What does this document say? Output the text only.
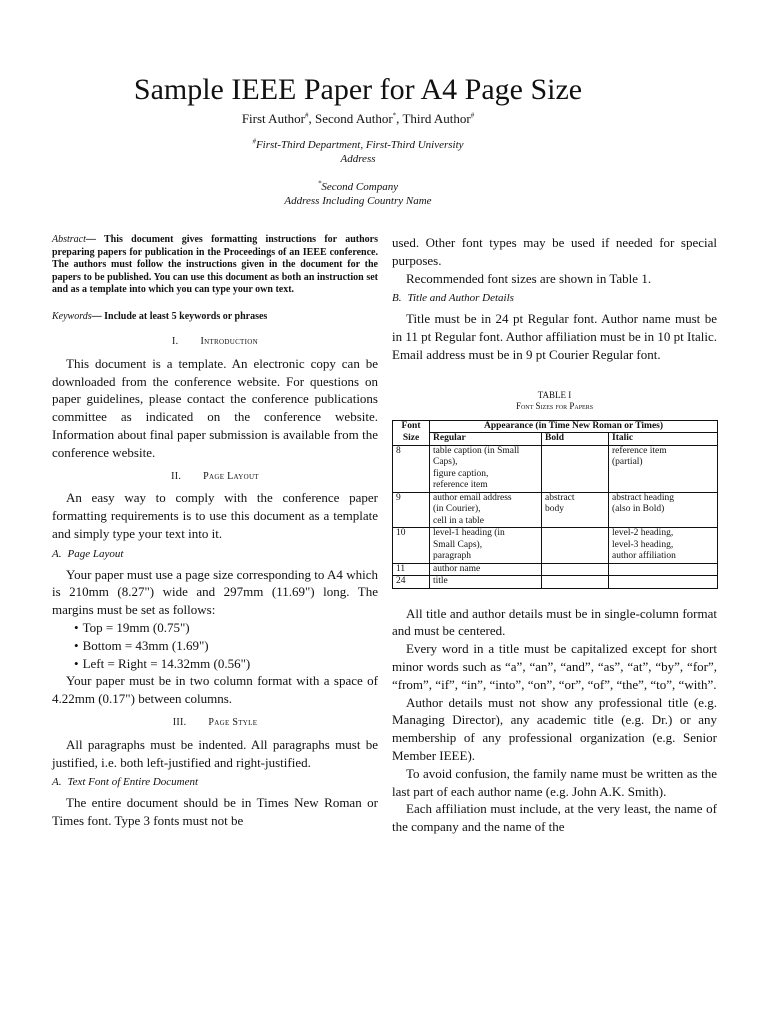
Sample IEEE Paper for A4 Page Size
First Author#, Second Author*, Third Author#
#First-Third Department, First-Third University
Address
*Second Company
Address Including Country Name

Abstract— This document gives formatting instructions for authors preparing papers for publication in the Proceedings of an IEEE conference. The authors must follow the instructions given in the document for the papers to be published. You can use this document as both an instruction set and as a template into which you can type your own text.

Keywords— Include at least 5 keywords or phrases

I. Introduction

This document is a template. An electronic copy can be downloaded from the conference website. For questions on paper guidelines, please contact the conference publications committee as indicated on the conference website. Information about final paper submission is available from the conference website.

II. Page Layout

An easy way to comply with the conference paper formatting requirements is to use this document as a template and simply type your text into it.

A. Page Layout

Your paper must use a page size corresponding to A4 which is 210mm (8.27") wide and 297mm (11.69") long. The margins must be set as follows:

• Top = 19mm (0.75")
• Bottom = 43mm (1.69")
• Left = Right = 14.32mm (0.56")

Your paper must be in two column format with a space of 4.22mm (0.17") between columns.

III. Page Style

All paragraphs must be indented. All paragraphs must be justified, i.e. both left-justified and right-justified.

A. Text Font of Entire Document

The entire document should be in Times New Roman or Times font. Type 3 fonts must not be

used. Other font types may be used if needed for special purposes.

Recommended font sizes are shown in Table 1.

B. Title and Author Details

Title must be in 24 pt Regular font. Author name must be in 11 pt Regular font. Author affiliation must be in 10 pt Italic. Email address must be in 9 pt Courier Regular font.

TABLE I
Font Sizes for Papers
Font	Appearance (in Time New Roman or Times)		
Size	Regular	Bold	Italic
8	table caption (in Small Caps),
figure caption,
reference item		reference item
(partial)
9	author email address
(in Courier),
cell in a table	abstract
body	abstract heading
(also in Bold)
10	level-1 heading (in
Small Caps),
paragraph		level-2 heading,
level-3 heading,
author affiliation
11	author name		
24	title		

All title and author details must be in single-column format and must be centered.

Every word in a title must be capitalized except for short minor words such as “a”, “an”, “and”, “as”, “at”, “by”, “for”, “from”, “if”, “in”, “into”, “on”, “or”, “of”, “the”, “to”, “with”.

Author details must not show any professional title (e.g. Managing Director), any academic title (e.g. Dr.) or any membership of any professional organization (e.g. Senior Member IEEE).

To avoid confusion, the family name must be written as the last part of each author name (e.g. John A.K. Smith).

Each affiliation must include, at the very least, the name of the company and the name of the
